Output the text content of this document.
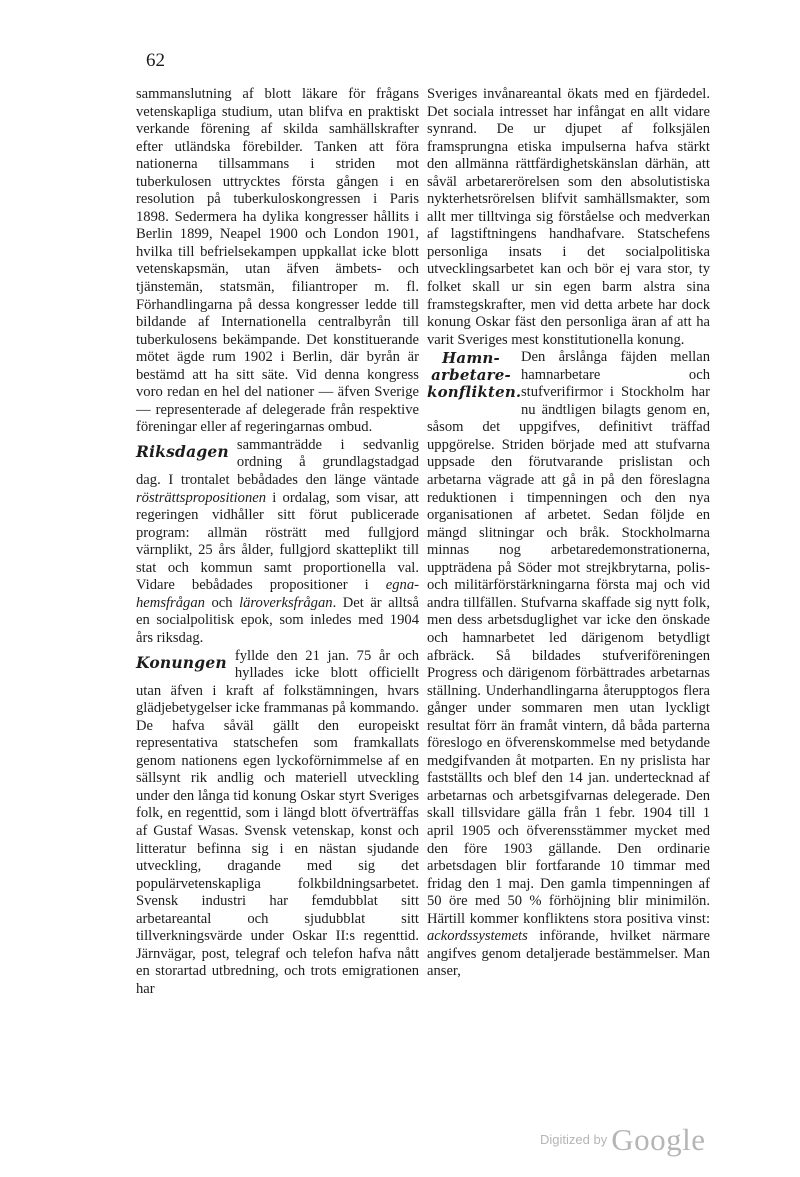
62

sammanslutning af blott läkare för frågans vetenskapliga studium, utan blifva en praktiskt verkande förening af skilda samhällskrafter efter utländska förebilder. Tanken att föra nationerna tillsammans i striden mot tuberkulosen uttrycktes första gången i en resolution på tuberkuloskongressen i Paris 1898. Sedermera ha dylika kongresser hållits i Berlin 1899, Neapel 1900 och London 1901, hvilka till befrielsekampen uppkallat icke blott vetenskapsmän, utan äfven ämbets- och tjänstemän, statsmän, filiantroper m. fl. Förhandlingarna på dessa kongresser ledde till bildande af Internationella centralbyrån till tuberkulosens bekämpande. Det konstituerande mötet ägde rum 1902 i Berlin, där byrån är bestämd att ha sitt säte. Vid denna kongress voro redan en hel del nationer — äfven Sverige — representerade af delegerade från respektive föreningar eller af regeringarnas ombud.

Riksdagen sammanträdde i sedvanlig ordning å grundlagstadgad dag. I trontalet bebådades den länge väntade rösträttspropositionen i ordalag, som visar, att regeringen vidhåller sitt förut publicerade program: allmän rösträtt med fullgjord värnplikt, 25 års ålder, fullgjord skatteplikt till stat och kommun samt proportionella val. Vidare bebådades propositioner i egna-hemsfrågan och läroverksfrågan. Det är alltså en socialpolitisk epok, som inledes med 1904 års riksdag.

Konungen fyllde den 21 jan. 75 år och hyllades icke blott officiellt utan äfven i kraft af folkstämningen, hvars glädjebetygelser icke frammanas på kommando. De hafva såväl gällt den europeiskt representativa statschefen som framkallats genom nationens egen lyckoförnimmelse af en sällsynt rik andlig och materiell utveckling under den långa tid konung Oskar styrt Sveriges folk, en regenttid, som i längd blott öfverträffas af Gustaf Wasas. Svensk vetenskap, konst och litteratur befinna sig i en nästan sjudande utveckling, dragande med sig det populärvetenskapliga folkbildningsarbetet. Svensk industri har femdubblat sitt arbetareantal och sjudubblat sitt tillverkningsvärde under Oskar II:s regenttid. Järnvägar, post, telegraf och telefon hafva nått en storartad utbredning, och trots emigrationen har

Sveriges invånareantal ökats med en fjärdedel. Det sociala intresset har infångat en allt vidare synrand. De ur djupet af folksjälen framsprungna etiska impulserna hafva stärkt den allmänna rättfärdighetskänslan därhän, att såväl arbetarerörelsen som den absolutistiska nykterhetsrörelsen blifvit samhällsmakter, som allt mer tilltvinga sig förståelse och medverkan af lagstiftningens handhafvare. Statschefens personliga insats i det socialpolitiska utvecklingsarbetet kan och bör ej vara stor, ty folket skall ur sin egen barm alstra sina framstegskrafter, men vid detta arbete har dock konung Oskar fäst den personliga äran af att ha varit Sveriges mest konstitutionella konung.

Hamn-
arbetare-
konflikten.
Den årslånga fäjden mellan hamnarbetare och stufverifirmor i Stockholm har nu ändtligen bilagts genom en, såsom det uppgifves, definitivt träffad uppgörelse. Striden började med att stufvarna uppsade den förutvarande prislistan och arbetarna vägrade att gå in på den föreslagna reduktionen i timpenningen och den nya organisationen af arbetet. Sedan följde en mängd slitningar och bråk. Stockholmarna minnas nog arbetaredemonstrationerna, uppträdena på Söder mot strejkbrytarna, polis- och militärförstärkningarna första maj och vid andra tillfällen. Stufvarna skaffade sig nytt folk, men dess arbetsduglighet var icke den önskade och hamnarbetet led därigenom betydligt afbräck. Så bildades stufveriföreningen Progress och därigenom förbättrades arbetarnas ställning. Underhandlingarna återupptogos flera gånger under sommaren men utan lyckligt resultat förr än framåt vintern, då båda parterna föreslogo en öfverenskommelse med betydande medgifvanden åt motparten. En ny prislista har fastställts och blef den 14 jan. undertecknad af arbetarnas och arbetsgifvarnas delegerade. Den skall tillsvidare gälla från 1 febr. 1904 till 1 april 1905 och öfverensstämmer mycket med den före 1903 gällande. Den ordinarie arbetsdagen blir fortfarande 10 timmar med fridag den 1 maj. Den gamla timpenningen af 50 öre med 50 % förhöjning blir minimilön. Härtill kommer konfliktens stora positiva vinst: ackordssystemets införande, hvilket närmare angifves genom detaljerade bestämmelser. Man anser,

$^{Digitized by}$ Google
